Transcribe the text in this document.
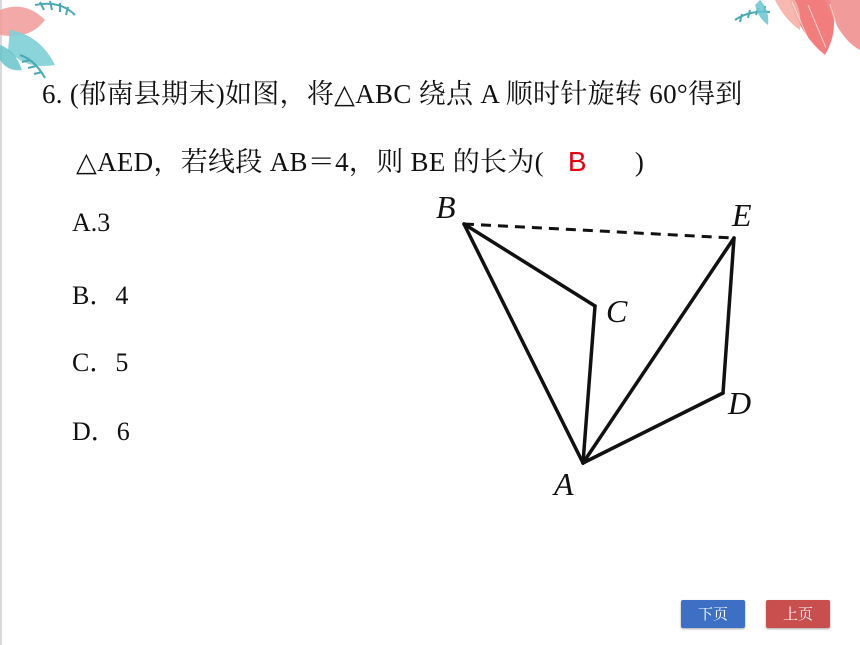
6. (郁南县期末)如图，将△ABC 绕点 A 顺时针旋转 60°得到
△AED，若线段 AB＝4，则 BE 的长为( B )
A.3
B．4
C．5
D．6
B	E
C
D
A
下页	上页
